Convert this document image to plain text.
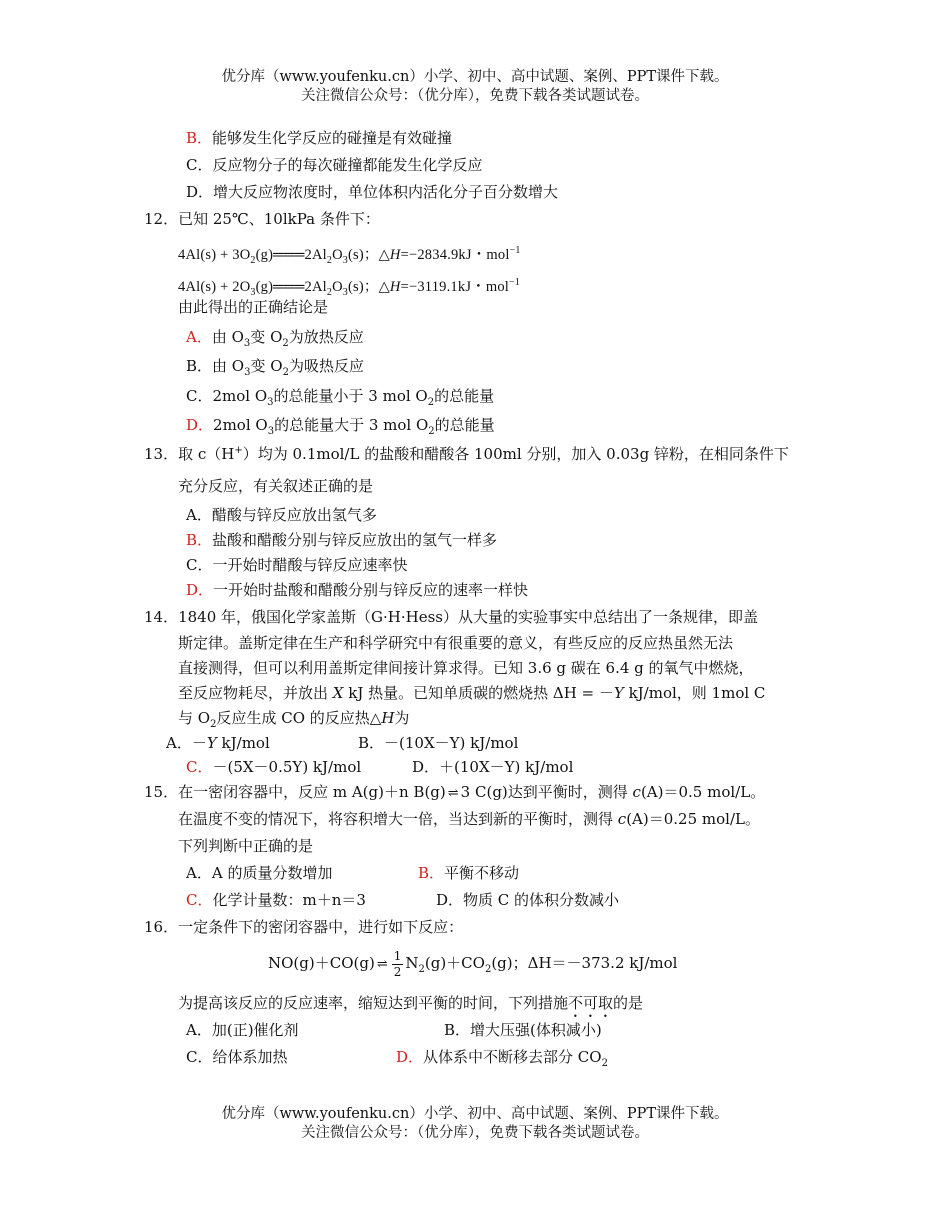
优分库（www.youfenku.cn）小学、初中、高中试题、案例、PPT课件下载。
关注微信公众号：（优分库），免费下载各类试题试卷。
B．能够发生化学反应的碰撞是有效碰撞
C．反应物分子的每次碰撞都能发生化学反应
D．增大反应物浓度时，单位体积内活化分子百分数增大
12．已知 25℃、10lkPa 条件下：
$4Al(s) + 3O_2(g)═══2Al_2O_3(s)$；△H=−2834.9kJ・mol$^{-1}$
$4Al(s) + 2O_3(g)═══2Al_2O_3(s)$；△H=−3119.1kJ・mol$^{-1}$
由此得出的正确结论是
A．由 $O_3$变 $O_2$为放热反应
B．由 $O_3$变 $O_2$为吸热反应
C．2mol $O_3$的总能量小于 3 mol $O_2$的总能量
D．2mol $O_3$的总能量大于 3 mol $O_2$的总能量
13．取 c（H+）均为 0.1mol/L 的盐酸和醋酸各 100ml 分别，加入 0.03g 锌粉，在相同条件下
充分反应，有关叙述正确的是
A．醋酸与锌反应放出氢气多
B．盐酸和醋酸分别与锌反应放出的氢气一样多
C．一开始时醋酸与锌反应速率快
D．一开始时盐酸和醋酸分别与锌反应的速率一样快
14．1840 年，俄国化学家盖斯（G·H·Hess）从大量的实验事实中总结出了一条规律，即盖
斯定律。盖斯定律在生产和科学研究中有很重要的意义，有些反应的反应热虽然无法
直接测得，但可以利用盖斯定律间接计算求得。已知 3.6 g 碳在 6.4 g 的氧气中燃烧，
至反应物耗尽，并放出 X kJ 热量。已知单质碳的燃烧热 ΔH = －Y kJ/mol，则 1mol C
与 $O_2$反应生成 CO 的反应热△H为
A．－Y kJ/mol	B．－(10X－Y) kJ/mol
C．－(5X－0.5Y) kJ/mol	D．＋(10X－Y) kJ/mol
15．在一密闭容器中，反应 m A(g)＋n B(g) ⇌ 3 C(g)达到平衡时，测得 c(A)＝0.5 mol/L。
在温度不变的情况下，将容积增大一倍，当达到新的平衡时，测得 c(A)＝0.25 mol/L。
下列判断中正确的是
A．A 的质量分数增加	B．平衡不移动
C．化学计量数：m＋n＝3	D．物质 C 的体积分数减小
16．一定条件下的密闭容器中，进行如下反应：
NO(g)＋CO(g) ⇌ $\frac{1}{2} N_2(g)+CO_2(g)$；ΔH＝－373.2 kJ/mol
为提高该反应的反应速率，缩短达到平衡的时间，下列措施不可取的是
A．加(正)催化剂	B．增大压强(体积减小)
C．给体系加热	D．从体系中不断移去部分 $CO_2$
优分库（www.youfenku.cn）小学、初中、高中试题、案例、PPT课件下载。
关注微信公众号：（优分库），免费下载各类试题试卷。
